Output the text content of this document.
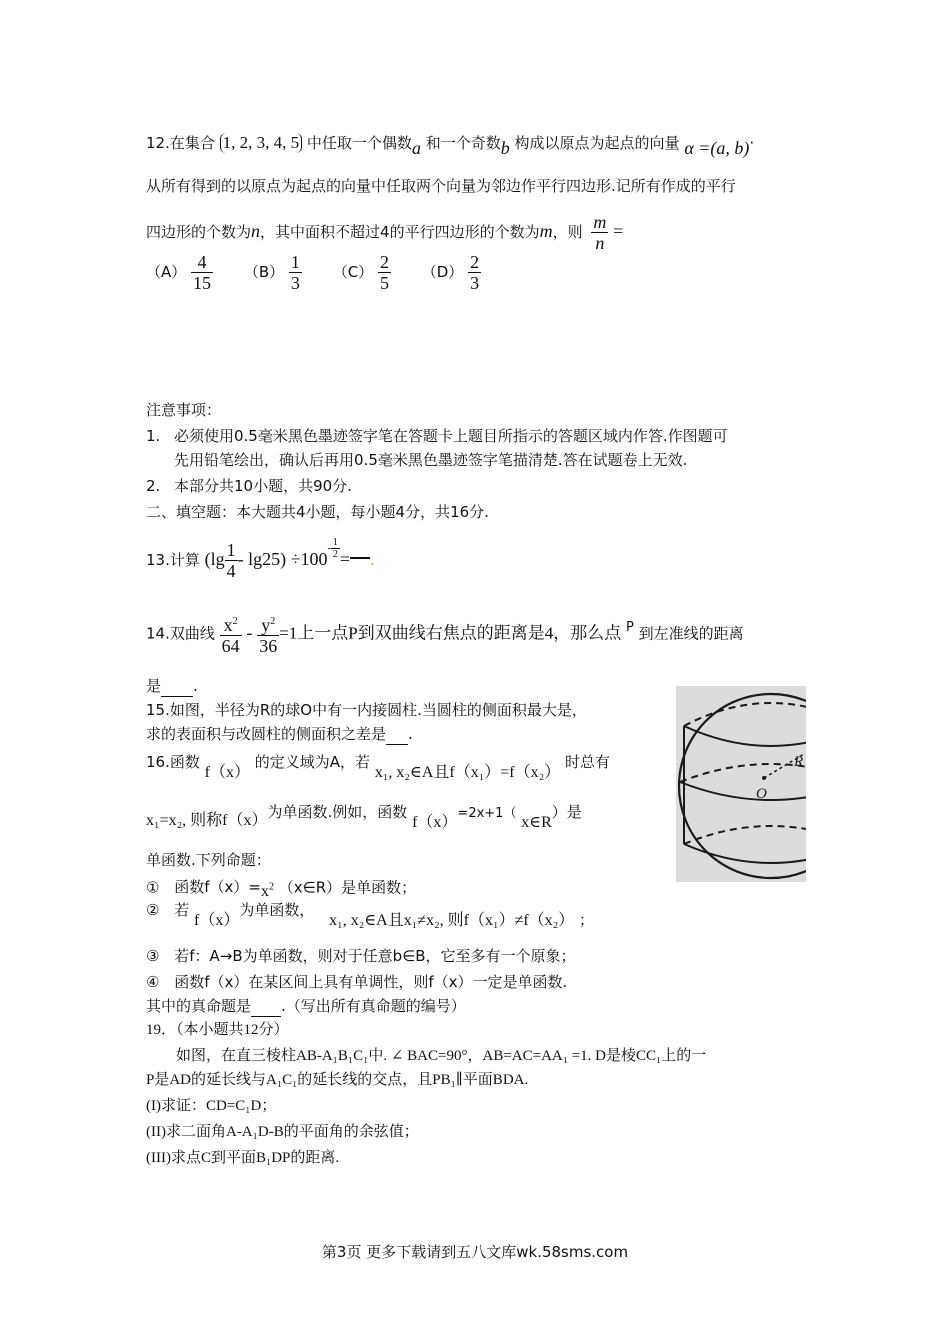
12.在集合 1, 2, 3, 4, 5 中任取一个偶数a 和一个奇数b 构成以原点为起点的向量 α =(a, b)·
从所有得到的以原点为起点的向量中任取两个向量为邻边作平行四边形.记所有作成的平行
四边形的个数为n，其中面积不超过4的平行四边形的个数为m，则 $\frac{m}{n}$ =
$(A) \frac{4}{15} (B) \frac{1}{3} (C) \frac{2}{5} (D) \frac{2}{3}$
注意事项：
1. 必须使用0.5毫米黑色墨迹签字笔在答题卡上题目所指示的答题区域内作答.作图题可
先用铅笔绘出，确认后再用0.5毫米黑色墨迹签字笔描清楚.答在试题卷上无效.
2. 本部分共10小题，共90分.
二、填空题：本大题共4小题，每小题4分，共16分.
13.计算 $(\lg \frac{1}{4} - \lg 25) \div 100^- \frac{1}{2}$ = .
14.双曲线 $\frac{x^2}{64} - \frac{y^2}{36} =1$上一点P到双曲线右焦点的距离是4，那么点 P 到左准线的距离
是 .
15.如图，半径为R的球O中有一内接圆柱.当圆柱的侧面积最大是，
求的表面积与改圆柱的侧面积之差是 .
O
R
16.函数 f（x） 的定义域为A，若 x₁, x₂∈A且f（x₁）=f（x₂） 时总有
x₁=x₂, 则称f（x）为单函数.例如，函数 f（x）=2x+1（ x∈R）是
单函数.下列命题：
① 函数$f(x)=x^2$ （x∈R）是单函数；
② 若 f（x）为单函数， x₁, x₂∈A且x₁≠x₂, 则f（x₁）≠f（x₂） ；
③ 若f：A→B为单函数，则对于任意b∈B，它至多有一个原象；
④ 函数f（x）在某区间上具有单调性，则f（x）一定是单函数.
其中的真命题是 .（写出所有真命题的编号）
19．（本小题共12分）
如图，在直三棱柱AB-A₁B₁C₁中. ∠ BAC=90°，AB=AC=AA₁ =1. D是棱CC₁上的一
P是AD的延长线与A₁C₁的延长线的交点，且PB₁∥平面BDA.
(I)求证：CD=C₁D；
(II)求二面角A-A₁D-B的平面角的余弦值；
(III)求点C到平面B₁DP的距离.
第3页 更多下载请到五八文库wk.58sms.com
